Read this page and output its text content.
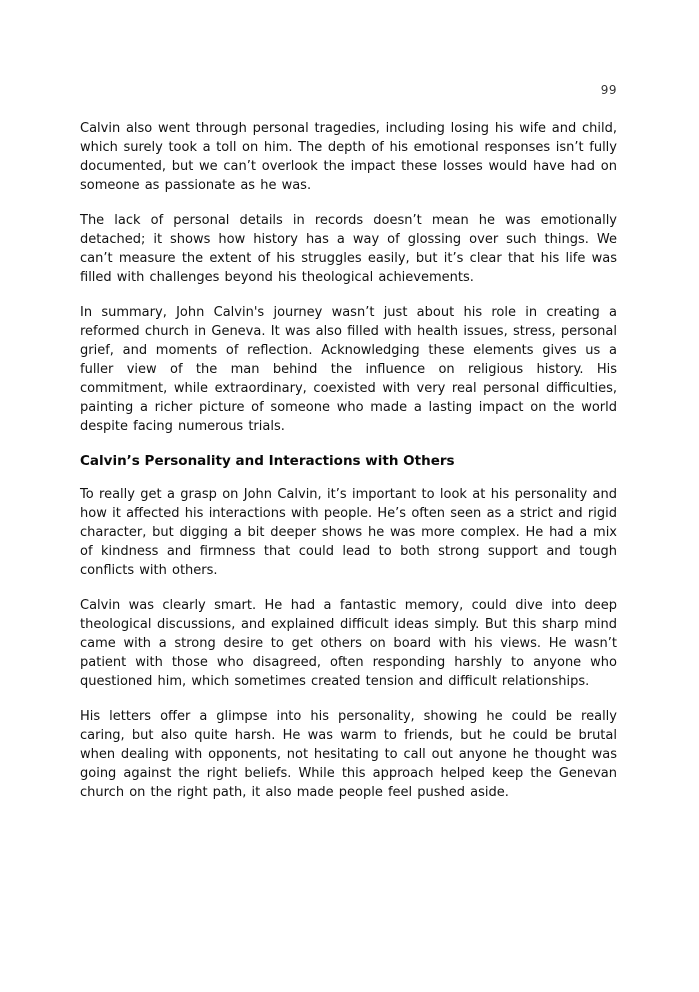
99

Calvin also went through personal tragedies, including losing his wife and child, which surely took a toll on him. The depth of his emotional responses isn’t fully documented, but we can’t overlook the impact these losses would have had on someone as passionate as he was.

The lack of personal details in records doesn’t mean he was emotionally detached; it shows how history has a way of glossing over such things. We can’t measure the extent of his struggles easily, but it’s clear that his life was filled with challenges beyond his theological achievements.

In summary, John Calvin's journey wasn’t just about his role in creating a reformed church in Geneva. It was also filled with health issues, stress, personal grief, and moments of reflection. Acknowledging these elements gives us a fuller view of the man behind the influence on religious history. His commitment, while extraordinary, coexisted with very real personal difficulties, painting a richer picture of someone who made a lasting impact on the world despite facing numerous trials.

Calvin’s Personality and Interactions with Others

To really get a grasp on John Calvin, it’s important to look at his personality and how it affected his interactions with people. He’s often seen as a strict and rigid character, but digging a bit deeper shows he was more complex. He had a mix of kindness and firmness that could lead to both strong support and tough conflicts with others.

Calvin was clearly smart. He had a fantastic memory, could dive into deep theological discussions, and explained difficult ideas simply. But this sharp mind came with a strong desire to get others on board with his views. He wasn’t patient with those who disagreed, often responding harshly to anyone who questioned him, which sometimes created tension and difficult relationships.

His letters offer a glimpse into his personality, showing he could be really caring, but also quite harsh. He was warm to friends, but he could be brutal when dealing with opponents, not hesitating to call out anyone he thought was going against the right beliefs. While this approach helped keep the Genevan church on the right path, it also made people feel pushed aside.
